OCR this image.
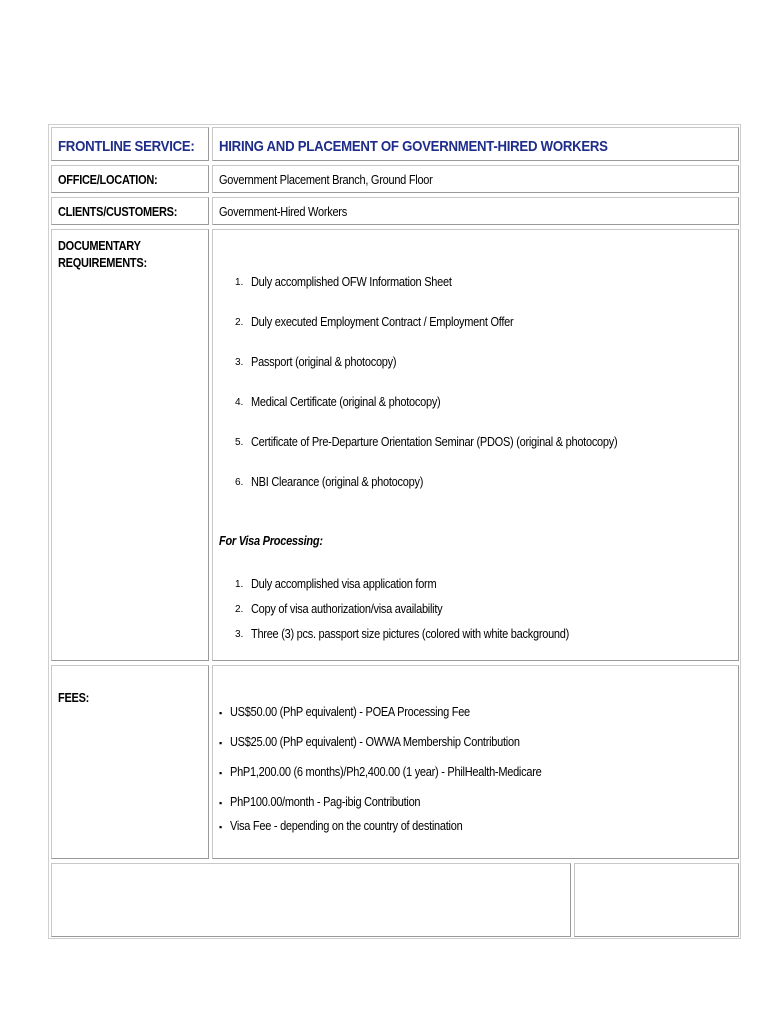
FRONTLINE SERVICE: HIRING AND PLACEMENT OF GOVERNMENT-HIRED WORKERS
OFFICE/LOCATION:	Government Placement Branch, Ground Floor
CLIENTS/CUSTOMERS:	Government-Hired Workers
DOCUMENTARY
REQUIREMENTS:
1. Duly accomplished OFW Information Sheet
2. Duly executed Employment Contract / Employment Offer
3. Passport (original & photocopy)
4. Medical Certificate (original & photocopy)
5. Certificate of Pre-Departure Orientation Seminar (PDOS) (original & photocopy)
6. NBI Clearance (original & photocopy)
For Visa Processing:
1. Duly accomplished visa application form
2. Copy of visa authorization/visa availability
3. Three (3) pcs. passport size pictures (colored with white background)
FEES:
▪ US$50.00 (PhP equivalent) - POEA Processing Fee
▪ US$25.00 (PhP equivalent) - OWWA Membership Contribution
▪ PhP1,200.00 (6 months)/Ph2,400.00 (1 year) - PhilHealth-Medicare
▪ PhP100.00/month - Pag-ibig Contribution
▪ Visa Fee - depending on the country of destination
